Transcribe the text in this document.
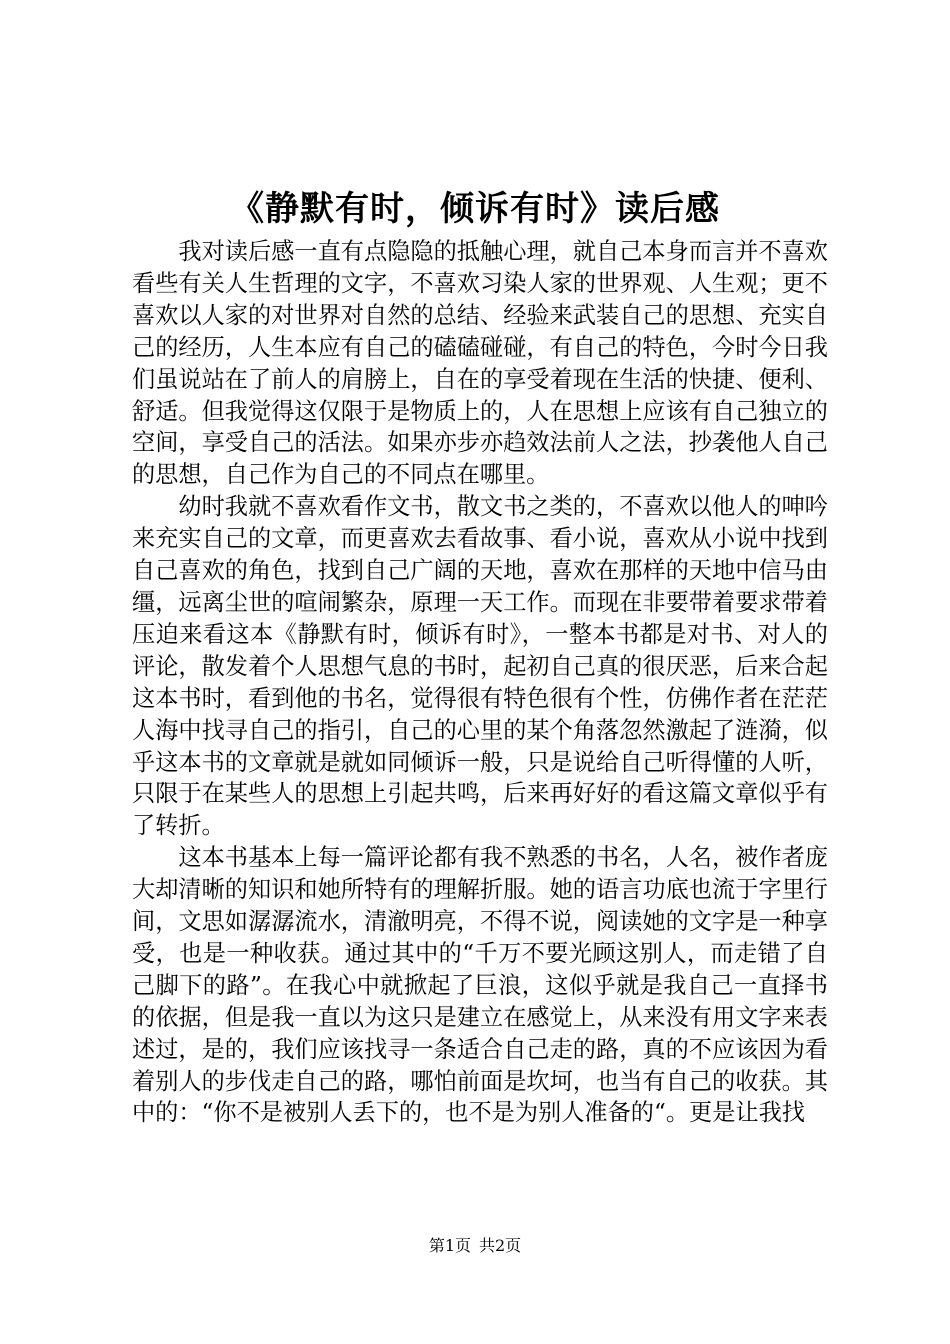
《静默有时，倾诉有时》读后感

我对读后感一直有点隐隐的抵触心理，就自己本身而言并不喜欢看些有关人生哲理的文字，不喜欢习染人家的世界观、人生观；更不喜欢以人家的对世界对自然的总结、经验来武装自己的思想、充实自己的经历，人生本应有自己的磕磕碰碰，有自己的特色，今时今日我们虽说站在了前人的肩膀上，自在的享受着现在生活的快捷、便利、舒适。但我觉得这仅限于是物质上的，人在思想上应该有自己独立的空间，享受自己的活法。如果亦步亦趋效法前人之法，抄袭他人自己的思想，自己作为自己的不同点在哪里。

幼时我就不喜欢看作文书，散文书之类的，不喜欢以他人的呻吟来充实自己的文章，而更喜欢去看故事、看小说，喜欢从小说中找到自己喜欢的角色，找到自己广阔的天地，喜欢在那样的天地中信马由缰，远离尘世的喧闹繁杂，原理一天工作。而现在非要带着要求带着压迫来看这本《静默有时，倾诉有时》，一整本书都是对书、对人的评论，散发着个人思想气息的书时，起初自己真的很厌恶，后来合起这本书时，看到他的书名，觉得很有特色很有个性，仿佛作者在茫茫人海中找寻自己的指引，自己的心里的某个角落忽然激起了涟漪，似乎这本书的文章就是就如同倾诉一般，只是说给自己听得懂的人听，只限于在某些人的思想上引起共鸣，后来再好好的看这篇文章似乎有了转折。

这本书基本上每一篇评论都有我不熟悉的书名，人名，被作者庞大却清晰的知识和她所特有的理解折服。她的语言功底也流于字里行间，文思如潺潺流水，清澈明亮，不得不说，阅读她的文字是一种享受，也是一种收获。通过其中的“千万不要光顾这别人，而走错了自己脚下的路”。在我心中就掀起了巨浪，这似乎就是我自己一直择书的依据，但是我一直以为这只是建立在感觉上，从来没有用文字来表述过，是的，我们应该找寻一条适合自己走的路，真的不应该因为看着别人的步伐走自己的路，哪怕前面是坎坷，也当有自己的收获。其中的：“你不是被别人丢下的，也不是为别人准备的“。更是让我找

第1页 共2页
